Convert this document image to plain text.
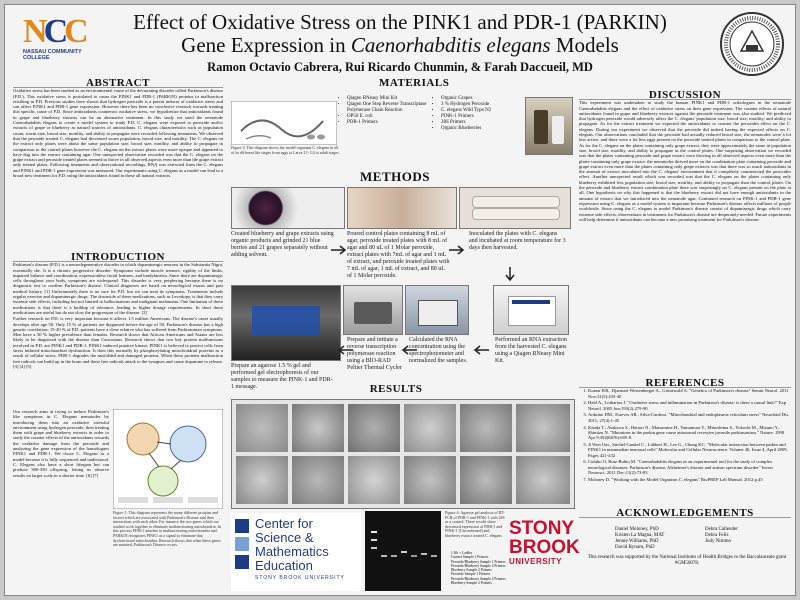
NCC
NASSAU COMMUNITY COLLEGE
Effect of Oxidative Stress on the PINK1 and PDR-1 (PARKIN)
Gene Expression in Caenorhabditis elegans Models
Ramon Octavio Cabrera, Rui Ricardo Chunmin, & Farah Daccueil, MD
ABSTRACT

Oxidative stress has been studied as an environmental cause of the devastating disorder called Parkinson's disease (P.D.). This oxidative stress is postulated to cause the PINK1 and PDR-1 (PARKIN) proteins to malfunction resulting in P.D. Previous studies have shown that hydrogen peroxide is a potent inducer of oxidative stress and can affect PINK1 and PDR-1 gene expression. However there has been no conclusive research towards treating this specific cause of P.D. Since antioxidants counteract oxidative stress, we hypothesize that antioxidants found in grape and blueberry extracts can be an alternative treatment. In this study we used the nematode Caenorhabditis elegans to create a model system to study P.D. C. elegans were exposed to peroxide and/or extracts of grape or blueberry as natural sources of antioxidants. C. elegans characteristics such as population count, worm size, brood size, motility, and ability to propagate were recorded following treatments. We observed that the peroxide treated C. elegans had decreased worm population, brood size, and motility. The C. elegans on the extract only plates were about the same population size, brood size, motility, and ability to propagate in comparison to the control plates however the C. elegans on the extract plates were more opaque and appeared to have dug into the extract containing agar. One unexpected observation recorded was that the C. elegans on the grape extract and peroxide treated plates seemed to thrive in all observed aspects even more than the grape extract only treated plates. Following treatments and observational recordings, RNA was extracted from the C. elegans and PINK1 and PDR-1 gene expression was measured. Our experiments using C. elegans as a model can lead to a broad new treatment for P.D. using the antioxidants found in these all natural extracts.

INTRODUCTION

Parkinson's disease (P.D.) is a neurodegenerative disorder in which dopaminergic neurons in the Substantia Nigra, essentially die. It is a chronic progressive disorder. Symptoms include muscle tremors, rigidity of the limbs, impaired balance and coordination, expressionless facial features, and bradykinesia. Since there are dopaminergic cells throughout your body, symptoms are widespread. This disorder is very perplexing because there is no diagnostic test to confirm Parkinson's disease. Clinical diagnoses are based on neurological exams and past medical history. [1] Unfortunately there is no cure for P.D. but we can treat its symptoms. Treatments include regular exercise and dopaminergic drugs. The downside of these medications, such as Levodopa, is that they carry extreme side effects, including but not limited to hallucinations and malignant melanoma. One limitation of these medications is that there is a buildup of tolerance, leading to higher dosage requirements. In short these medications are useful but do not slow the progression of the disease. [2]

Further research on P.D. is very important because it affects 1.5 million Americans. The disease's onset usually develops after age 50. Only 15 % of patients are diagnosed before the age of 50. Parkinson's disease has a high genetic correlation; 15-20 % of P.D. patients have a close relative who has suffered from Parkinsonian symptoms. Men have a 50 % higher prevalence than females. Research shows that African Americans and Asians are less likely to be diagnosed with the disease than Caucasians. Research shows that two key protein malfunctions involved in P.D. are PINK1 and PDR-1. PINK1 induced putative kinase; PINK1 is believed to protect cells from stress induced mitochondrial dysfunction. It does this normally by phosphorylating mitochondrial proteins as a result of cellular stress. PDR-1 degrades the misfolded and damaged proteins. When these proteins malfunction free radicals can build up in the brain and these free radicals attack to the synapses and cause dopamine to release. [3] [4] [5]

Our research aims at trying to induce Parkinson's like symptoms in C. Elegans nematodes by introducing them into an oxidative stressful environment using hydrogen peroxide, then treating them with grape and blueberry extracts in order to study the counter effects of the antioxidants towards the oxidative damage from the peroxide and analyzing the gene expression of the homologues PINK1 and PDR-1. We chose C. Elegans as a model because it is fully sequenced and understood. C. Elegans also have a short lifespan but can produce 300-350 offspring, letting us observe results on larger scale in a shorter time. [6] [7]

Figure 1: This diagram represents the many different proteins and factors which are associated with Parkinson's Disease and their interactions with each other. For instance the two genes which our studied work together to eliminate malfunctioning mitochondria. In this process PINK1 attaches to malfunctioning mitochondria and PARKIN recognizes PINK1 as a signal to eliminate that dysfunctional mitochondria. Research shows that when these genes are mutated, Parkinson's Disease occurs.
MATERIALS
Figure 3: This diagram shows the model organism C. elegans in all of its different life stages from eggs to Larva L1- L4 to adult stages.
• Qiagen RNeasy Mini Kit
• Qiagen One Step Reverse Transcriptase Polymerase Chain Reaction
• OP50 E. coli
• PDR-1 Primers
• Organic Grapes
• 3 % Hydrogen Peroxide
• C. elegans Wild Type N2
• PINK-1 Primers
• 28S Primers
• Organic Blueberries
METHODS
Created blueberry and grape extracts using organic products and grinded 21 blue berries and 21 grapes separately without adding solvent.
Poured control plates containing 8 mL of agar, peroxide treated plates with 8 mL of agar and 80 uL of 1 Molar peroxide, extract plates with 7mL of agar and 1 mL of extract, and peroxide treated plates with 7 mL of agar, 1 mL of extract, and 80 uL of 1 Molar peroxide.
Inoculated the plates with C. elegans and incubated at room temperature for 3 days then harvested.
Prepare an agarose 1.5 % gel and performed gel electrophoresis of our samples to measure the PINK-1 and PDR-1 message.
Prepare and initiate a reverse transcription polymerase reaction using a BIO-RAD Peltier Thermal Cycler
Calculated the RNA concentration using the spectrophotometer and normalized the samples.
Performed an RNA extraction from the harvested C. elegans using a Qiagen RNeasy Mini Kit.
RESULTS
Center for
Science &
Mathematics
Education
STONY BROOK UNIVERSITY
Figure 4: Agarose gel analysis of RT-PCR of PDR-1 and PINK-1 with 28S as a control. These results show decreased expression of PDR-1 and PINK-1 (Unconfirmed) and blueberry extract treated C. elegans
1 Kb + Ladder
Control Sample 1 Primers
Peroxide/Blueberry Sample 1 Primers
Peroxide/Blueberry Sample 2 Primers
Blueberry Sample 2 Primers
Peroxide Sample 1 Primers
Peroxide/Blueberry Sample 2 Primers
Blueberry Sample 2 Primers
STONY
BROOK
UNIVERSITY
DISCUSSION

This experiment was undertaken to study the human PINK1 and PDR-1 orthologues in the nematode Caenorhabditis elegans and the effect of oxidative stress on their gene expression. The counter effects of natural antioxidants found in grape and blueberry extracts against the peroxide treatment was also studied. We predicted that hydrogen peroxide would adversely affect the C. elegans' population size, brood size, motility, and ability to propagate. As for the extract treatment we expected the antioxidants to counter the peroxides effect on the C. elegans. During our experiment we observed that the peroxide did indeed having the expected effects on C. elegans. Our observations concluded that the peroxide had actually reduced brood size, the nematodes were a lot less active, and there were a lot less eggs present on the peroxide treated plates in comparison to the control plate. As for the C. elegans on the plates containing only grape extract, they were approximately the same in population size, brood size, motility, and ability to propagate as the control plates. One surprising observation we recorded was that the plates containing peroxide and grape extract were thriving in all observed aspects even more than the plates containing only grape extract. the nematodes thrived more on the combination plate containing peroxide and grape extract even more than the plates containing only grape extracts was that there was so much antioxidants in the amount of extract inoculated into the C. elegans' environment that it completely counteracted the peroxides effect. Another unexpected result which was recorded was that the C. elegans on the plates containing only blueberry exhibited less population size, brood size, motility, and ability to propagate than the control plates. On the peroxide and blueberry extract combination plate there was surprisingly no C. elegans present on the plate at all. One hypothesis on why this happened is that the blueberry extract did not have enough antioxidants in the amount of extract that we introduced into the nematode agar. Continued research on PINK-1 and PDR-1 gene expression using C. elegans as a model system is important because Parkinson's disease affects millions of people worldwide. Since using the C. elegans to model Parkinson's disease consist of dopaminergic drugs which carry extreme side effects, observations in treatments for Parkinson's disease are desperately needed. Future experiments will help determine if antioxidants can become a new promising treatment for Parkinson's disease.

REFERENCES
1. Kumar KR., Djarmati-Westenberger A., Grünewald A. "Genetics of Parkinson's disease" Semin Neurol. 2011 Nov;31(5):433-40
2. Hald A., Lotharius J. "Oxidative stress and inflammation in Parkinson's disease: is there a causal link?" Exp Neurol. 2005 Jun;193(2):279-90
3. Arduíno DM., Esteves AR., Silva-Cardoso. "Mitochondrial and endoplasmic reticulum stress" Neurobiol Dis. 2011; 27(4):1-45
4. Kitada T., Asakawa S., Hattori N., Matsumine H., Yamamura Y., Minoshima S., Yokochi M., Mizuno Y., Shimizu N. "Mutations in the parkin gene cause autosomal recessive juvenile parkinsonism." Nature. 1998 Apr 9;392(6676):605-8.
5. Ji Won Um., Stichel-Gunkel C., Lübbert H., Lee G., Chung KC. "Molecular interaction between parkin and PINK1 in mammalian neuronal cells" Molecular and Cellular Neuroscience. Volume 40, Issue 4, April 2009, Pages 421-432
6. Culubo O, Ruiz-Rubio M. "Caenorhabditis elegans as an experimental tool for the study of complex neurological diseases: Parkinson's disease, Alzheimer's disease and autism spectrum disorder" Invert Neurosci. 2011 Dec;11(2):73-83
7. Moloney D. "Working with the Model Organism C. elegans" BioPREP Lab Manual. 2012;p.45
ACKNOWLEDGEMENTS
Daniel Moloney, PhD
Kristen La Magna, MAT
Jennie Williams, PhD
David Bynum, PhD
Debra Callender
Debra Felix
Judy Nimmo
This research was supported by the National Institutes of Health Bridges to the Baccalaureate grant #GM50078.
